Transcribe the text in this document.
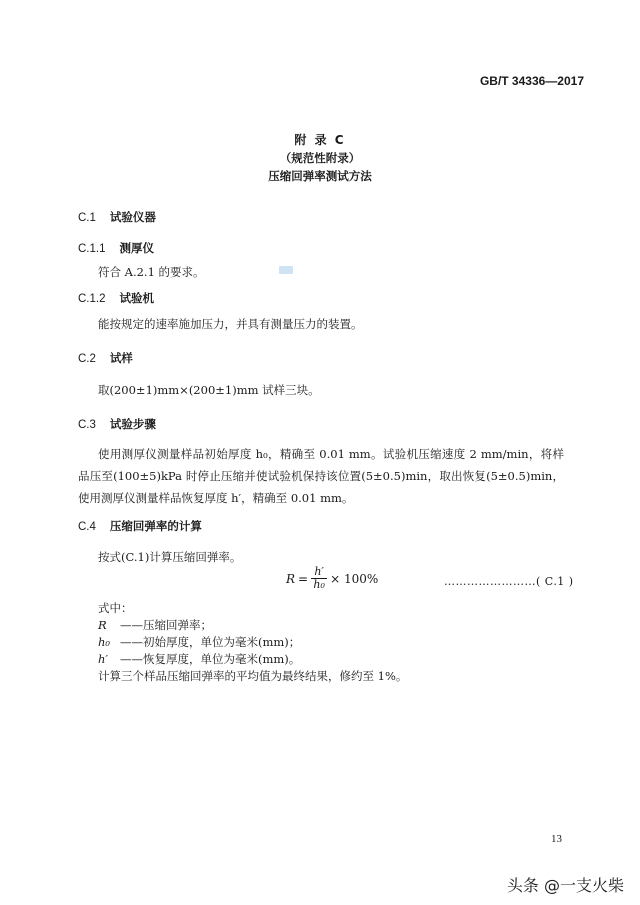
GB/T 34336—2017
附 录 C
（规范性附录）
压缩回弹率测试方法
C.1 试验仪器
C.1.1 测厚仪
符合 A.2.1 的要求。
C.1.2 试验机
能按规定的速率施加压力，并具有测量压力的装置。
C.2 试样
取(200±1)mm×(200±1)mm 试样三块。
C.3 试验步骤
使用测厚仪测量样品初始厚度 h₀，精确至 0.01 mm。试验机压缩速度 2 mm/min，将样品压至(100±5)kPa 时停止压缩并使试验机保持该位置(5±0.5)min，取出恢复(5±0.5)min，使用测厚仪测量样品恢复厚度 h′，精确至 0.01 mm。
C.4 压缩回弹率的计算
按式(C.1)计算压缩回弹率。
$R = \frac{h'}{\text{h₀}} \times 100\%$	……………………( C.1 )
式中：
R ——压缩回弹率；
h₀ ——初始厚度，单位为毫米(mm)；
h′ ——恢复厚度，单位为毫米(mm)。
计算三个样品压缩回弹率的平均值为最终结果，修约至 1%。
13
头条 @一支火柴
